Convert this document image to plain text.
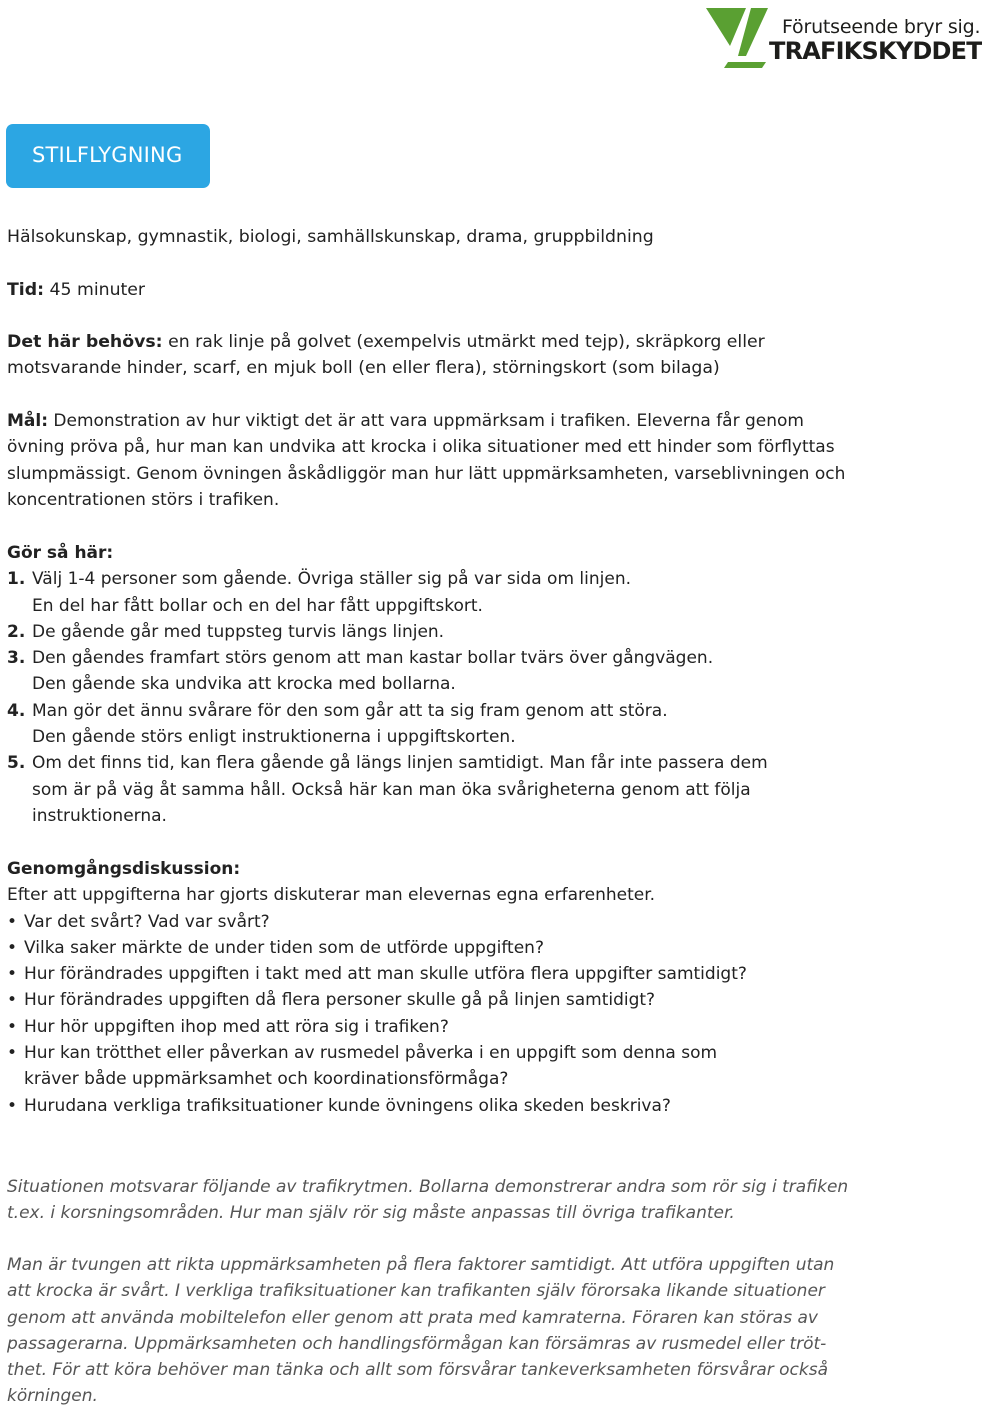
Förutseende bryr sig.
TRAFIKSKYDDET
STILFLYGNING
Hälsokunskap, gymnastik, biologi, samhällskunskap, drama, gruppbildning
Tid: 45 minuter
Det här behövs: en rak linje på golvet (exempelvis utmärkt med tejp), skräpkorg eller
motsvarande hinder, scarf, en mjuk boll (en eller flera), störningskort (som bilaga)
Mål: Demonstration av hur viktigt det är att vara uppmärksam i trafiken. Eleverna får genom
övning pröva på, hur man kan undvika att krocka i olika situationer med ett hinder som förflyttas
slumpmässigt. Genom övningen åskådliggör man hur lätt uppmärksamheten, varseblivningen och
koncentrationen störs i trafiken.
Gör så här:
1. Välj 1-4 personer som gående. Övriga ställer sig på var sida om linjen.
En del har fått bollar och en del har fått uppgiftskort.
2. De gående går med tuppsteg turvis längs linjen.
3. Den gåendes framfart störs genom att man kastar bollar tvärs över gångvägen.
Den gående ska undvika att krocka med bollarna.
4. Man gör det ännu svårare för den som går att ta sig fram genom att störa.
Den gående störs enligt instruktionerna i uppgiftskorten.
5. Om det finns tid, kan flera gående gå längs linjen samtidigt. Man får inte passera dem
som är på väg åt samma håll. Också här kan man öka svårigheterna genom att följa
instruktionerna.
Genomgångsdiskussion:
Efter att uppgifterna har gjorts diskuterar man elevernas egna erfarenheter.
• Var det svårt? Vad var svårt?
• Vilka saker märkte de under tiden som de utförde uppgiften?
• Hur förändrades uppgiften i takt med att man skulle utföra flera uppgifter samtidigt?
• Hur förändrades uppgiften då flera personer skulle gå på linjen samtidigt?
• Hur hör uppgiften ihop med att röra sig i trafiken?
• Hur kan trötthet eller påverkan av rusmedel påverka i en uppgift som denna som
kräver både uppmärksamhet och koordinationsförmåga?
• Hurudana verkliga trafiksituationer kunde övningens olika skeden beskriva?
Situationen motsvarar följande av trafikrytmen. Bollarna demonstrerar andra som rör sig i trafiken
t.ex. i korsningsområden. Hur man själv rör sig måste anpassas till övriga trafikanter.
Man är tvungen att rikta uppmärksamheten på flera faktorer samtidigt. Att utföra uppgiften utan
att krocka är svårt. I verkliga trafiksituationer kan trafikanten själv förorsaka likande situationer
genom att använda mobiltelefon eller genom att prata med kamraterna. Föraren kan störas av
passagerarna. Uppmärksamheten och handlingsförmågan kan försämras av rusmedel eller tröt-
thet. För att köra behöver man tänka och allt som försvårar tankeverksamheten försvårar också
körningen.
